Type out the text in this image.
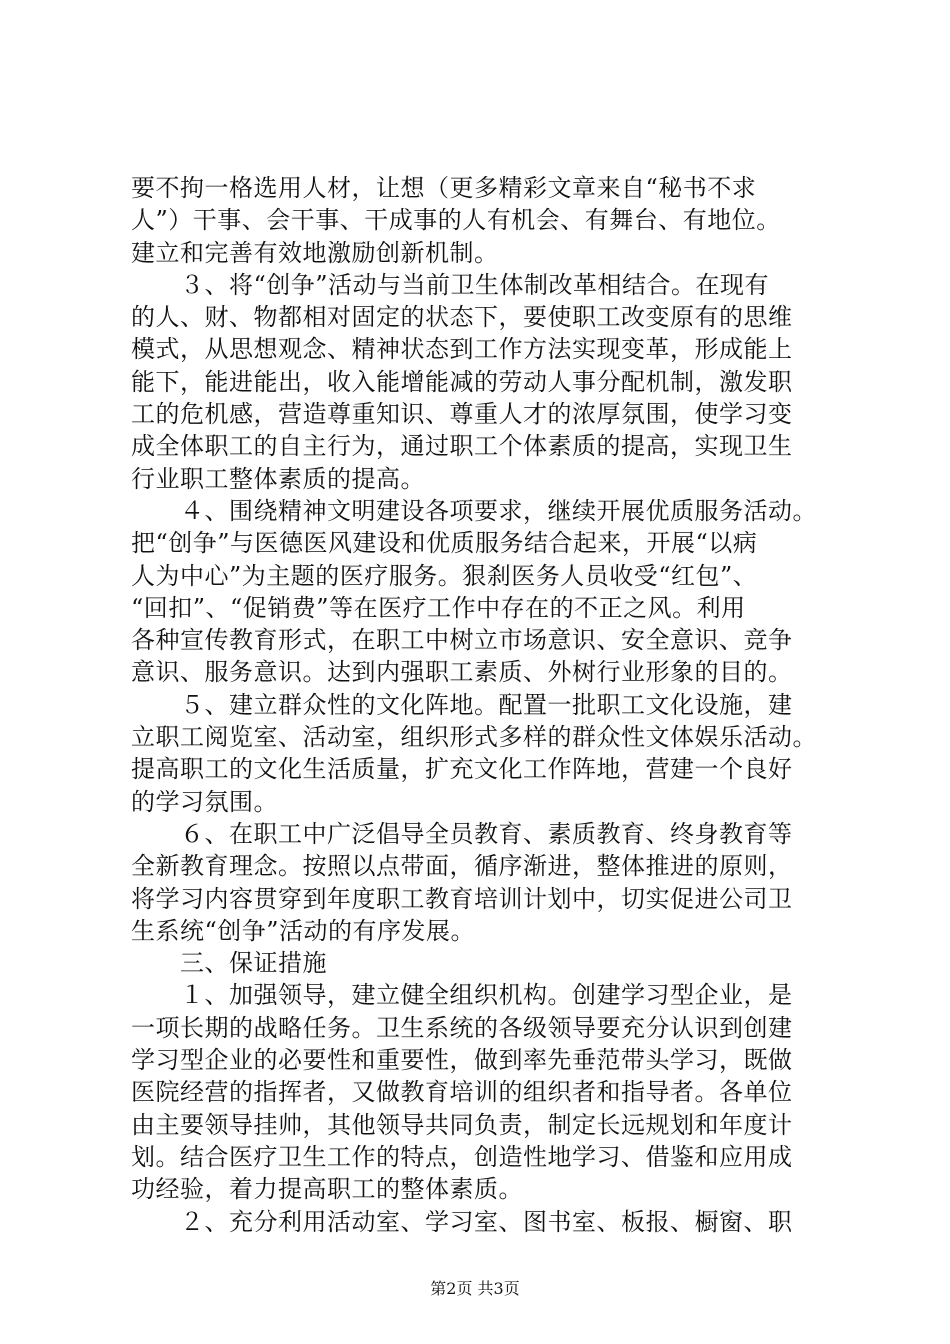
要不拘一格选用人材，让想（更多精彩文章来自“秘书不求
人”）干事、会干事、干成事的人有机会、有舞台、有地位。
建立和完善有效地激励创新机制。
　　３、将“创争”活动与当前卫生体制改革相结合。在现有
的人、财、物都相对固定的状态下，要使职工改变原有的思维
模式，从思想观念、精神状态到工作方法实现变革，形成能上
能下，能进能出，收入能增能减的劳动人事分配机制，激发职
工的危机感，营造尊重知识、尊重人才的浓厚氛围，使学习变
成全体职工的自主行为，通过职工个体素质的提高，实现卫生
行业职工整体素质的提高。
　　４、围绕精神文明建设各项要求，继续开展优质服务活动。
把“创争”与医德医风建设和优质服务结合起来，开展“以病
人为中心”为主题的医疗服务。狠刹医务人员收受“红包”、
“回扣”、“促销费”等在医疗工作中存在的不正之风。利用
各种宣传教育形式，在职工中树立市场意识、安全意识、竞争
意识、服务意识。达到内强职工素质、外树行业形象的目的。
　　５、建立群众性的文化阵地。配置一批职工文化设施，建
立职工阅览室、活动室，组织形式多样的群众性文体娱乐活动。
提高职工的文化生活质量，扩充文化工作阵地，营建一个良好
的学习氛围。
　　６、在职工中广泛倡导全员教育、素质教育、终身教育等
全新教育理念。按照以点带面，循序渐进，整体推进的原则，
将学习内容贯穿到年度职工教育培训计划中，切实促进公司卫
生系统“创争”活动的有序发展。
　　三、保证措施
　　１、加强领导，建立健全组织机构。创建学习型企业，是
一项长期的战略任务。卫生系统的各级领导要充分认识到创建
学习型企业的必要性和重要性，做到率先垂范带头学习，既做
医院经营的指挥者，又做教育培训的组织者和指导者。各单位
由主要领导挂帅，其他领导共同负责，制定长远规划和年度计
划。结合医疗卫生工作的特点，创造性地学习、借鉴和应用成
功经验，着力提高职工的整体素质。
　　２、充分利用活动室、学习室、图书室、板报、橱窗、职
第2页 共3页
